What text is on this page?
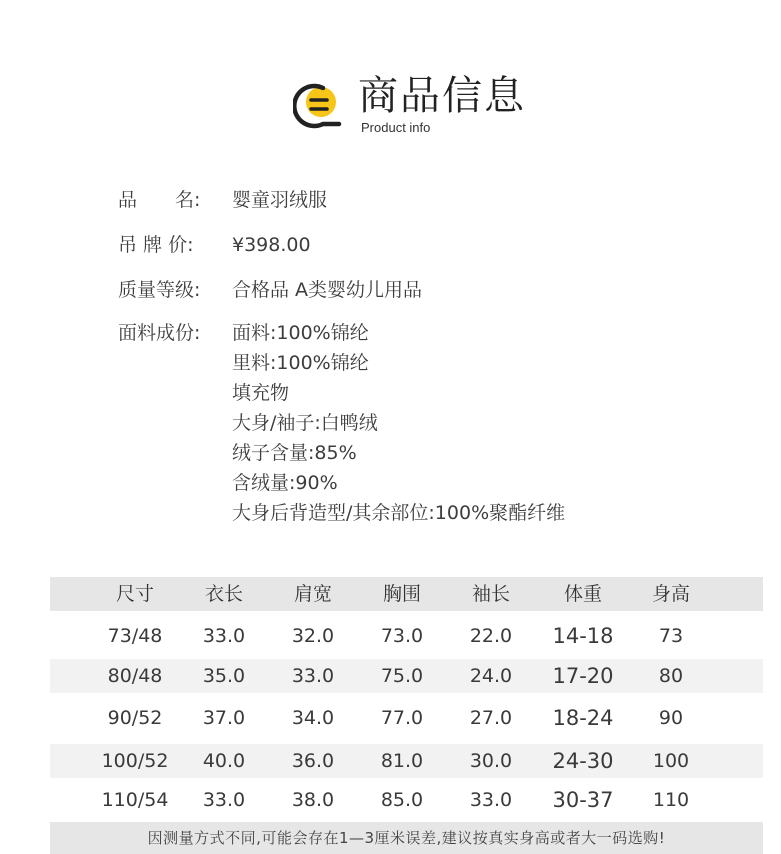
商品信息
Product info
品 名:	婴童羽绒服
吊 牌 价:	¥398.00
质量等级:	合格品 A类婴幼儿用品
面料成份:	面料:100%锦纶
里料:100%锦纶
填充物
大身/袖子:白鸭绒
绒子含量:85%
含绒量:90%
大身后背造型/其余部位:100%聚酯纤维
尺寸	衣长	肩宽	胸围	袖长	体重	身高
73/48	33.0	32.0	73.0	22.0	14-18	73
80/48	35.0	33.0	75.0	24.0	17-20	80
90/52	37.0	34.0	77.0	27.0	18-24	90
100/52	40.0	36.0	81.0	30.0	24-30	100
110/54	33.0	38.0	85.0	33.0	30-37	110
因测量方式不同,可能会存在1—3厘米误差,建议按真实身高或者大一码选购!
